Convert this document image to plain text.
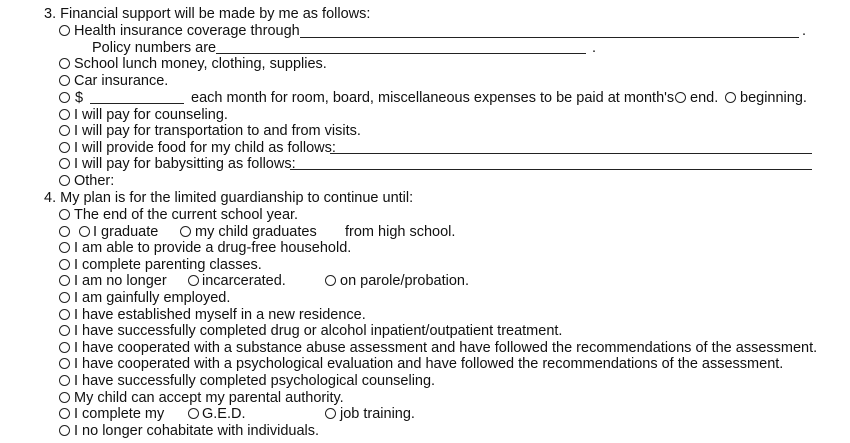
3. Financial support will be made by me as follows:
Health insurance coverage through	.
Policy numbers are	.
School lunch money, clothing, supplies.
Car insurance.
$	each month for room, board, miscellaneous expenses to be paid at month's end. beginning.
I will pay for counseling.
I will pay for transportation to and from visits.
I will provide food for my child as follows:
I will pay for babysitting as follows:
Other:
4. My plan is for the limited guardianship to continue until:
The end of the current school year.
I graduate	my child graduates from high school.
I am able to provide a drug-free household.
I complete parenting classes.
I am no longer incarcerated.	on parole/probation.
I am gainfully employed.
I have established myself in a new residence.
I have successfully completed drug or alcohol inpatient/outpatient treatment.
I have cooperated with a substance abuse assessment and have followed the recommendations of the assessment.
I have cooperated with a psychological evaluation and have followed the recommendations of the assessment.
I have successfully completed psychological counseling.
My child can accept my parental authority.
I complete my	G.E.D.	job training.
I no longer cohabitate with individuals.
